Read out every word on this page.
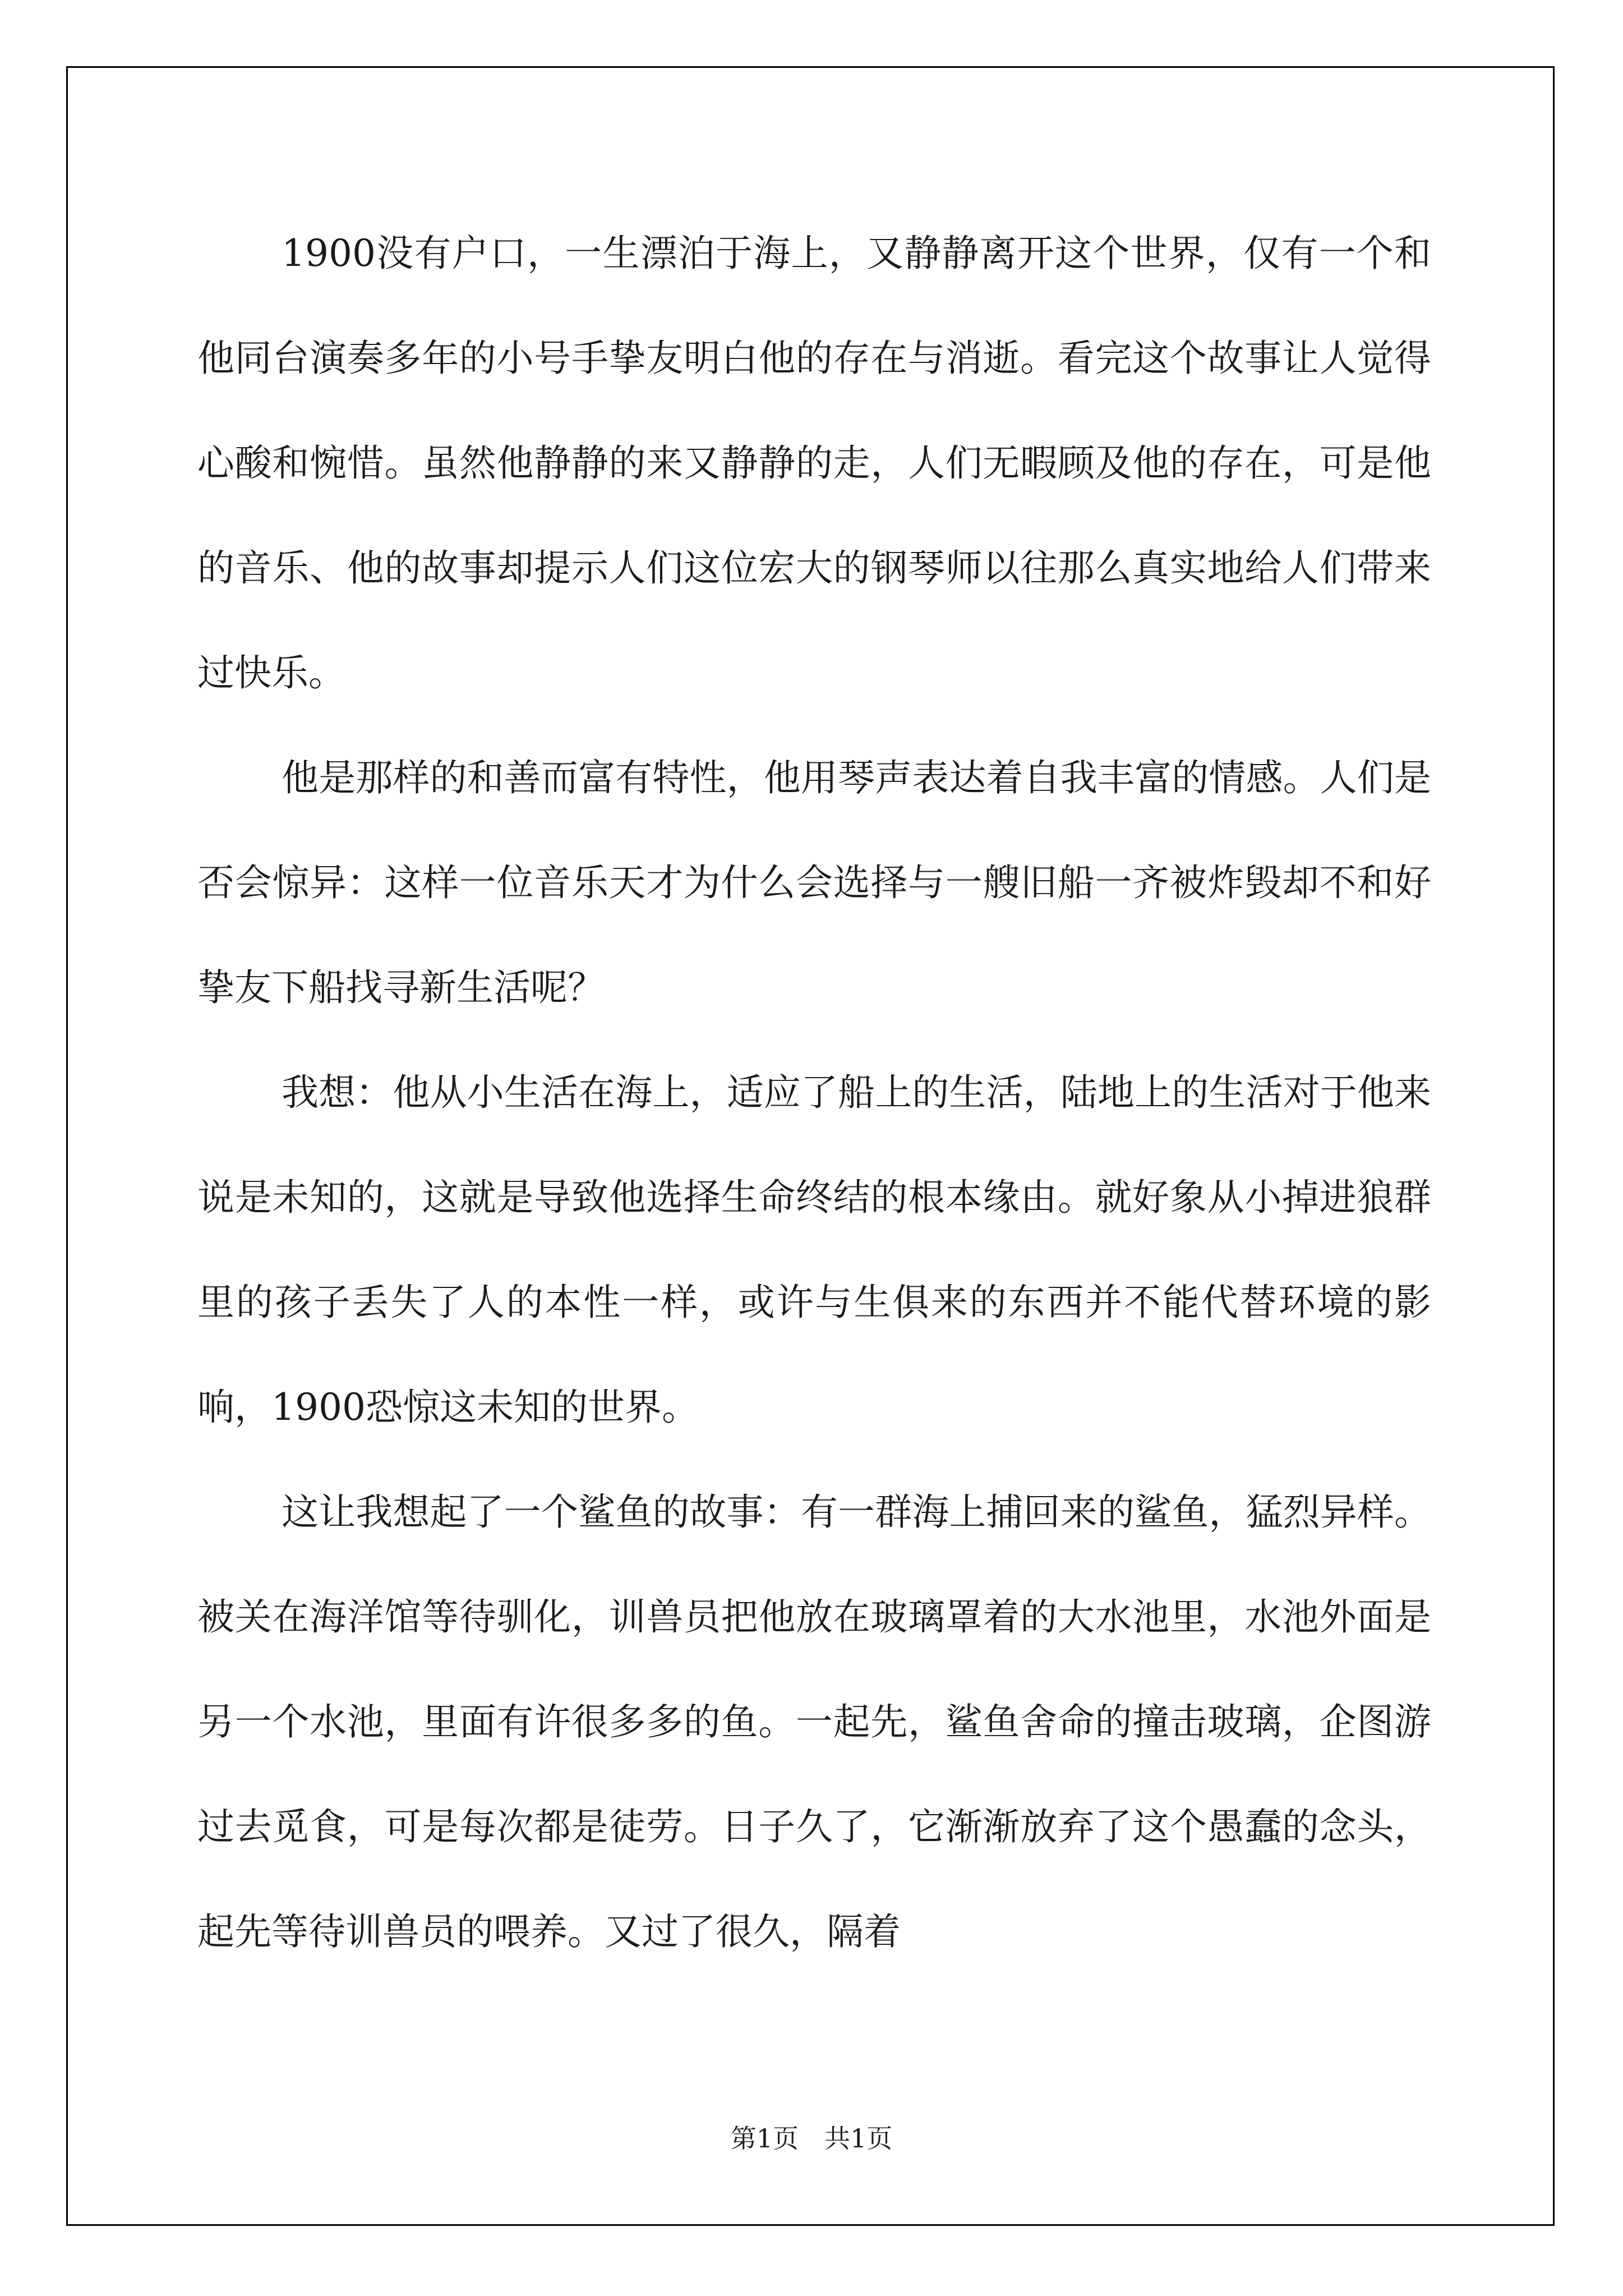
1900没有户口，一生漂泊于海上，又静静离开这个世界，仅有一个和他同台演奏多年的小号手挚友明白他的存在与消逝。看完这个故事让人觉得心酸和惋惜。虽然他静静的来又静静的走，人们无暇顾及他的存在，可是他的音乐、他的故事却提示人们这位宏大的钢琴师以往那么真实地给人们带来过快乐。

他是那样的和善而富有特性，他用琴声表达着自我丰富的情感。人们是否会惊异：这样一位音乐天才为什么会选择与一艘旧船一齐被炸毁却不和好挚友下船找寻新生活呢？

我想：他从小生活在海上，适应了船上的生活，陆地上的生活对于他来说是未知的，这就是导致他选择生命终结的根本缘由。就好象从小掉进狼群里的孩子丢失了人的本性一样，或许与生俱来的东西并不能代替环境的影响，1900恐惊这未知的世界。

这让我想起了一个鲨鱼的故事：有一群海上捕回来的鲨鱼，猛烈异样。被关在海洋馆等待驯化，训兽员把他放在玻璃罩着的大水池里，水池外面是另一个水池，里面有许很多多的鱼。一起先，鲨鱼舍命的撞击玻璃，企图游过去觅食，可是每次都是徒劳。日子久了，它渐渐放弃了这个愚蠢的念头，起先等待训兽员的喂养。又过了很久，隔着

第1页　共1页
